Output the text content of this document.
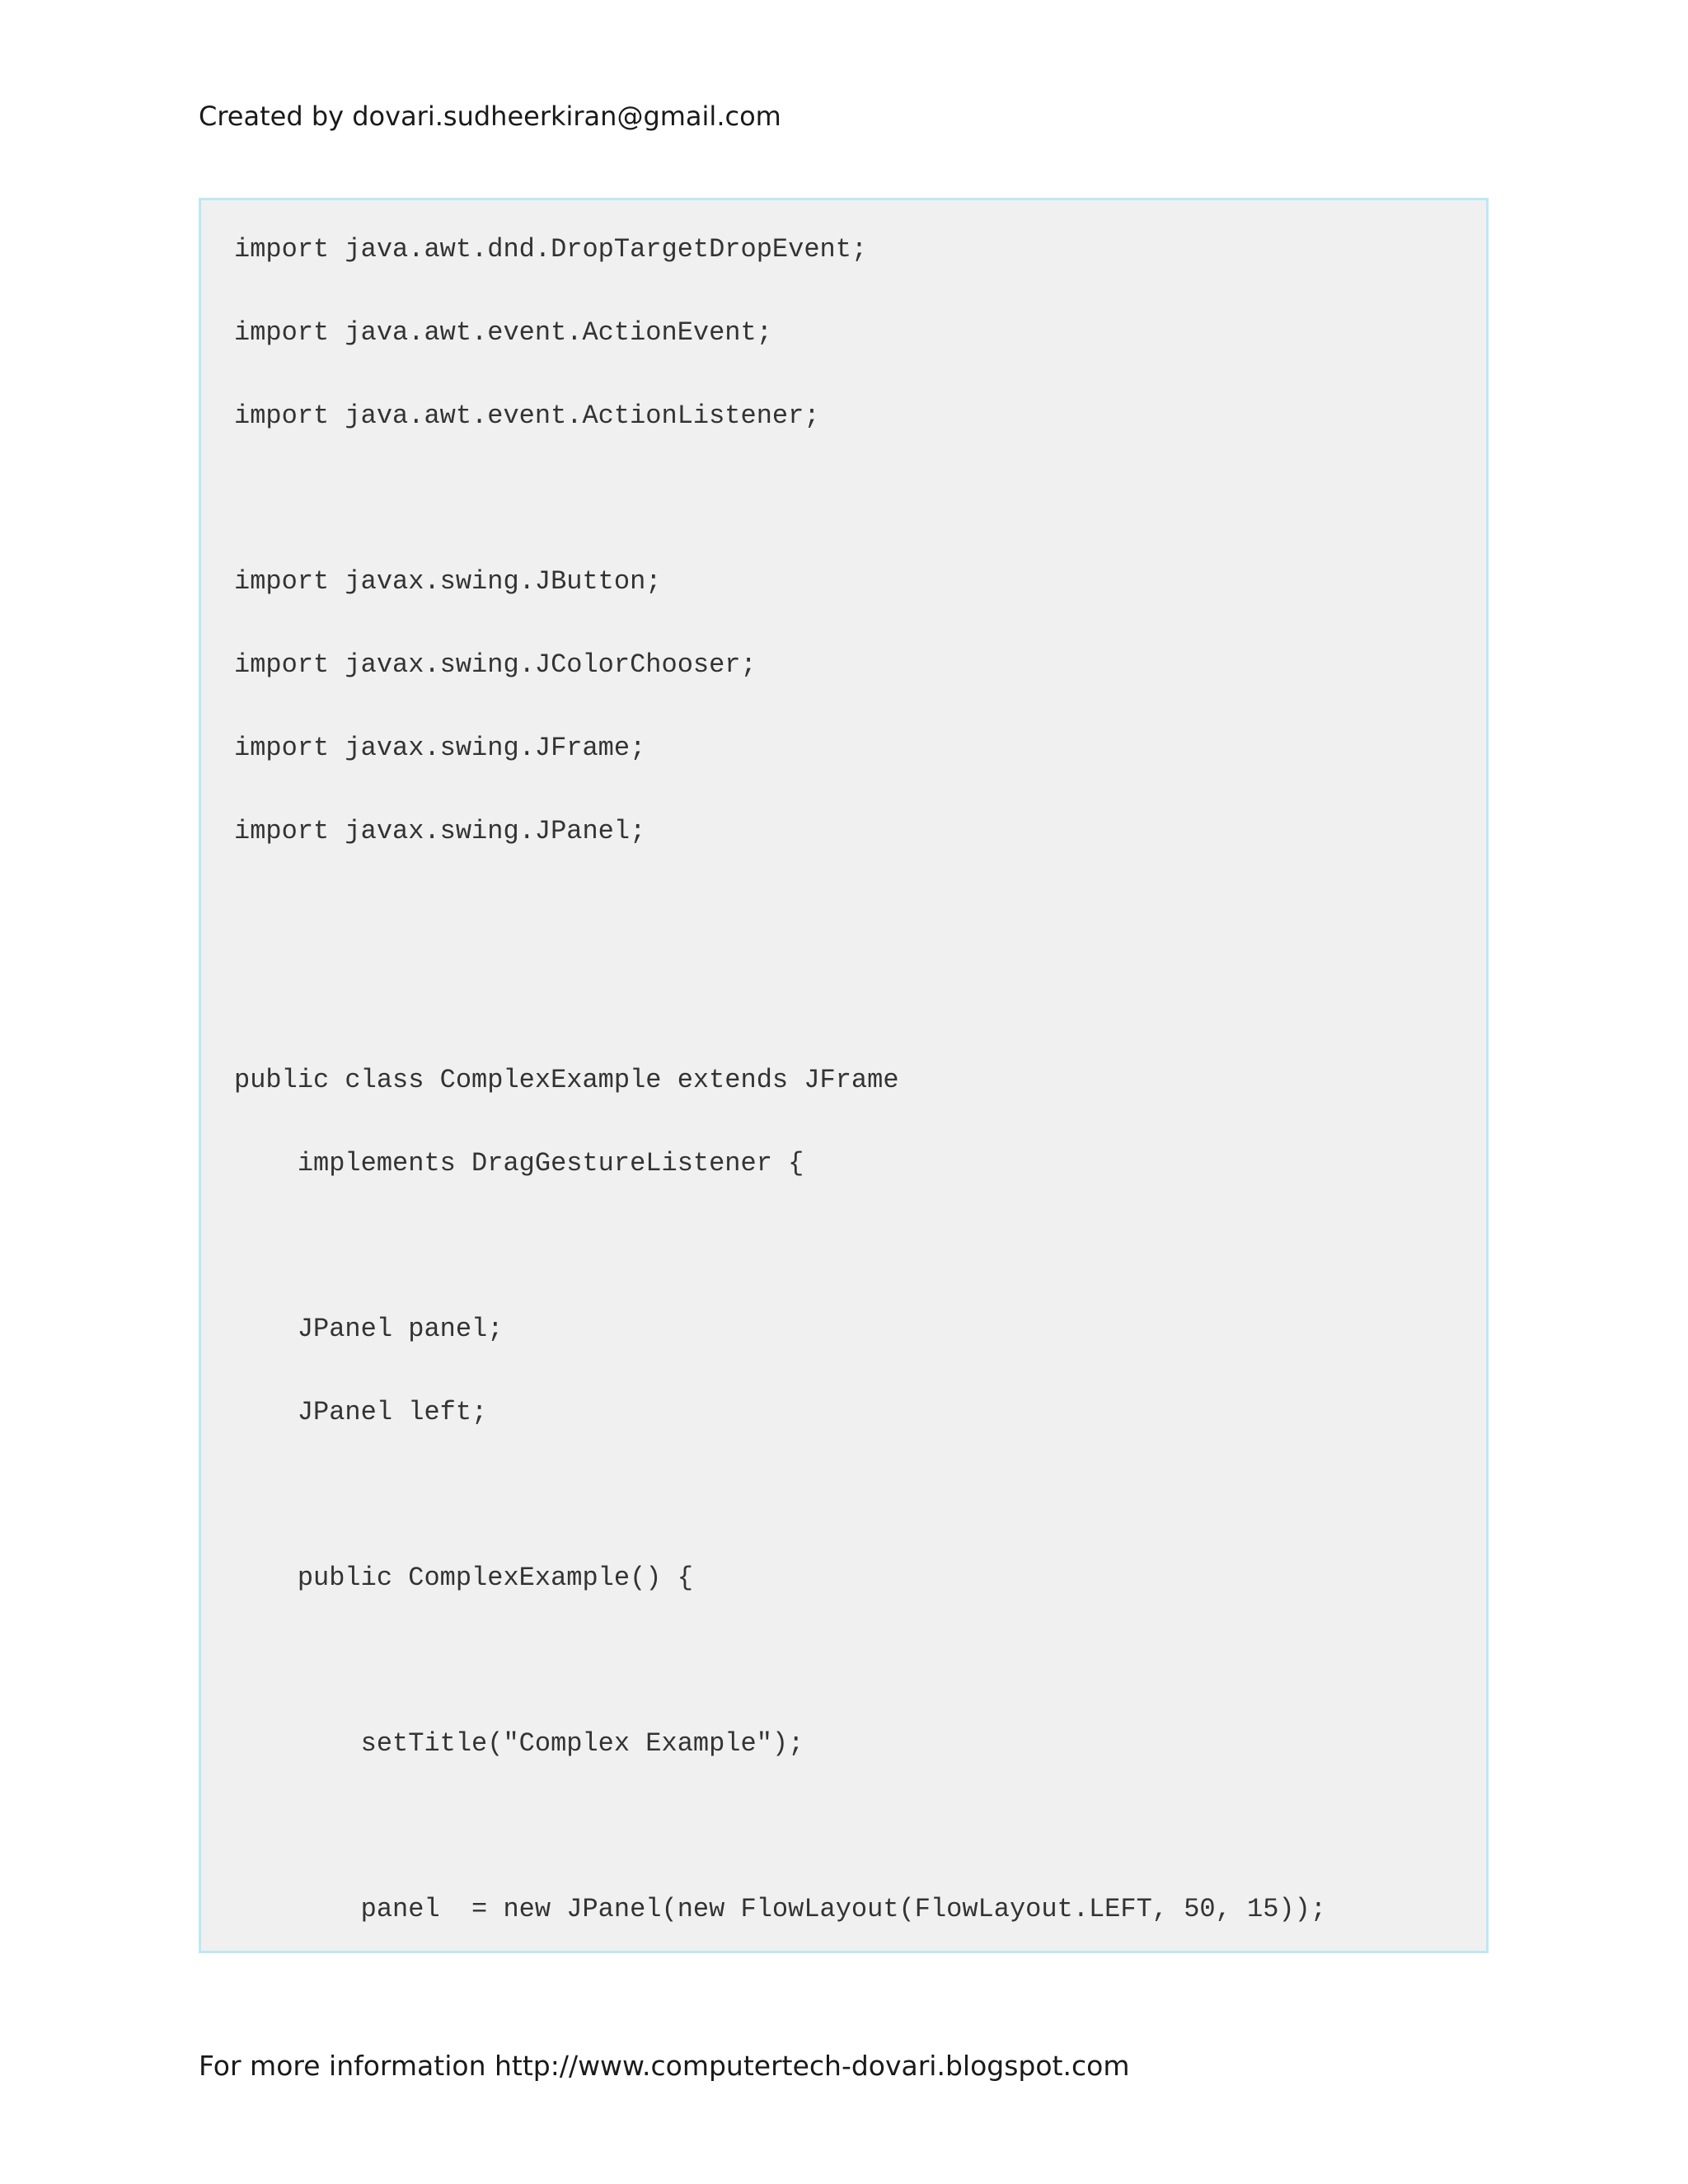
Created by dovari.sudheerkiran@gmail.com
import java.awt.dnd.DropTargetDropEvent;
import java.awt.event.ActionEvent;
import java.awt.event.ActionListener;
import javax.swing.JButton;
import javax.swing.JColorChooser;
import javax.swing.JFrame;
import javax.swing.JPanel;
public class ComplexExample extends JFrame
implements DragGestureListener {
JPanel panel;
JPanel left;
public ComplexExample() {
setTitle("Complex Example");
panel  = new JPanel(new FlowLayout(FlowLayout.LEFT, 50, 15));
For more information http://www.computertech-dovari.blogspot.com
